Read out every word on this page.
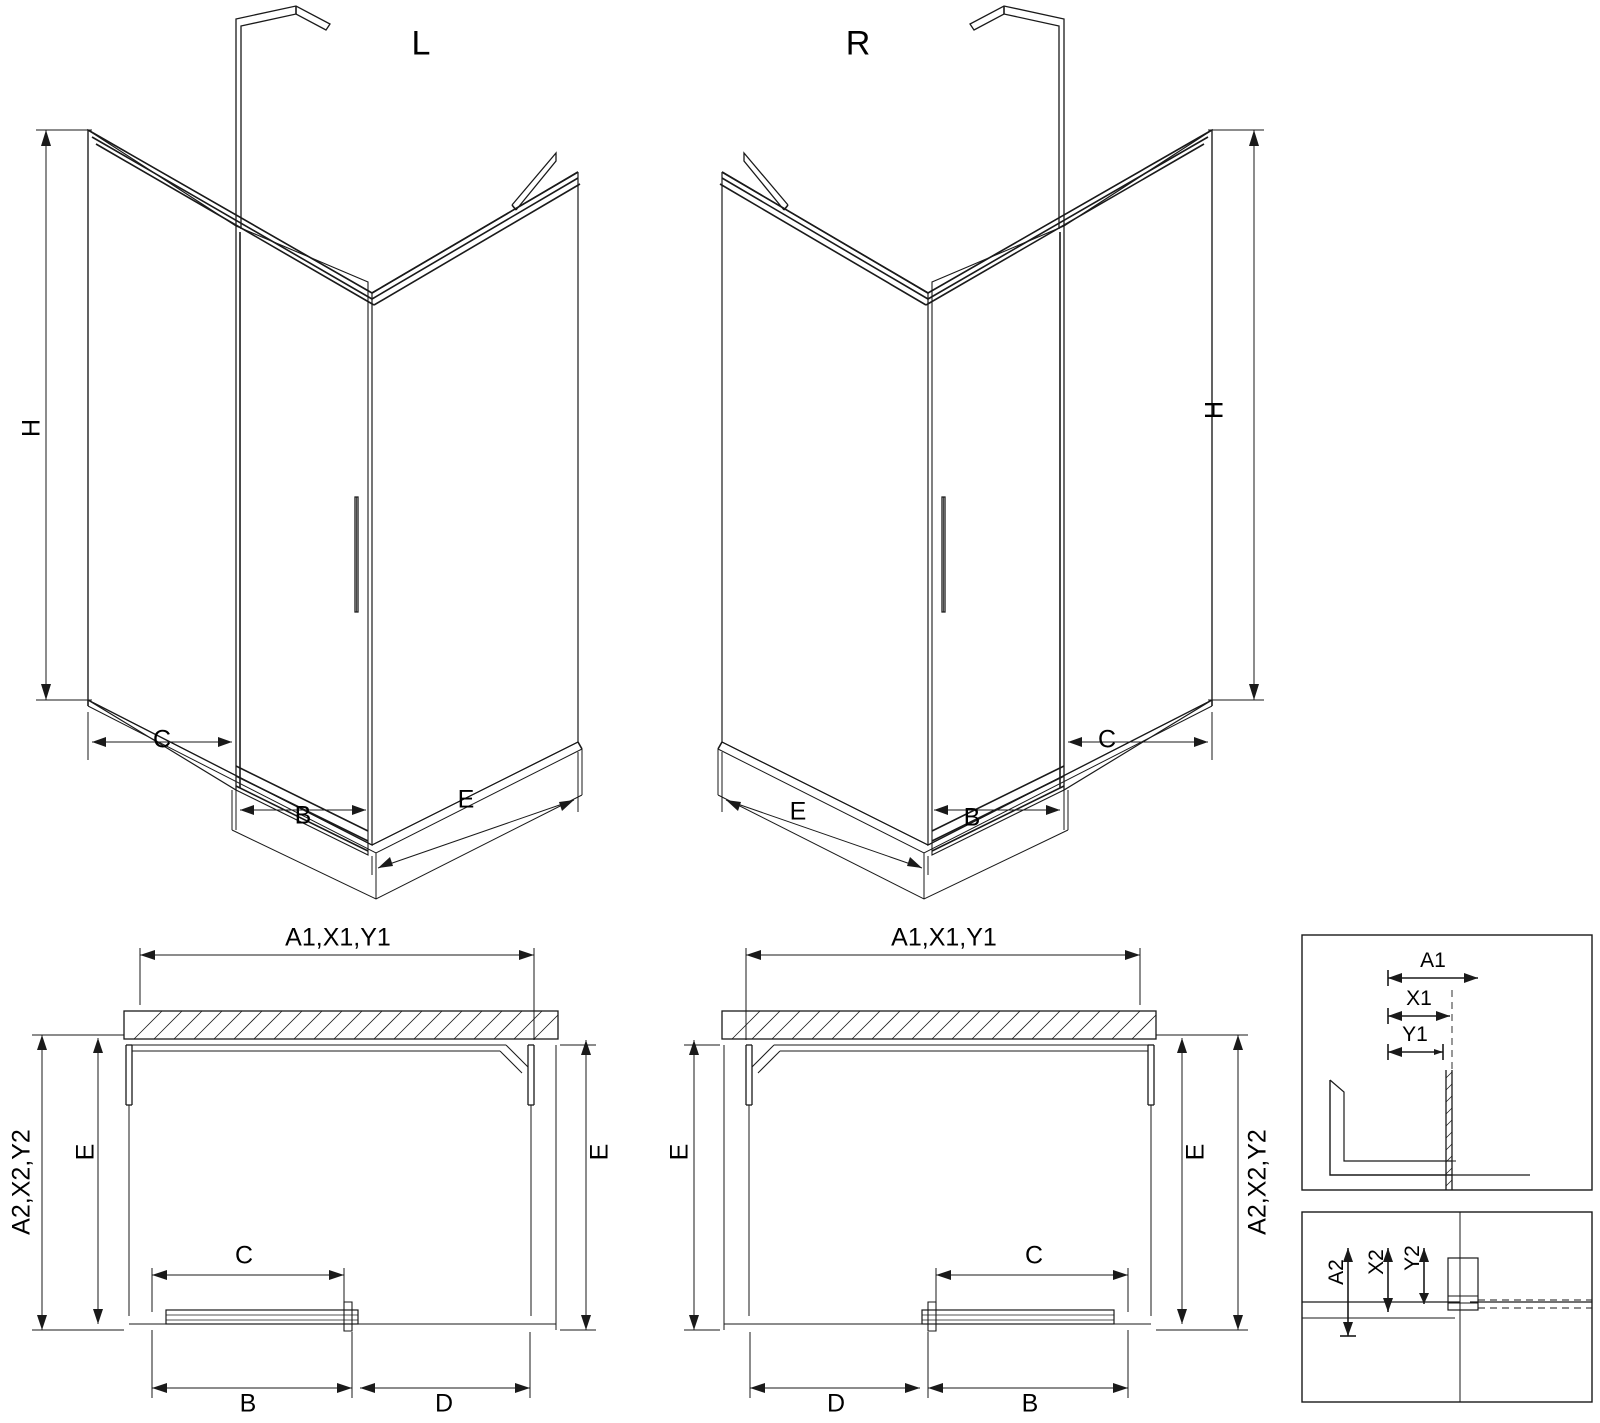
L	R
H
H
C
B
E	E	B
C
A1,X1,Y1	A1,X1,Y1
A2,X2,Y2	A2,X2,Y2
E	E E	E
C	C
B	D	D	B
A1
X1
Y1
A2 X2 Y2
